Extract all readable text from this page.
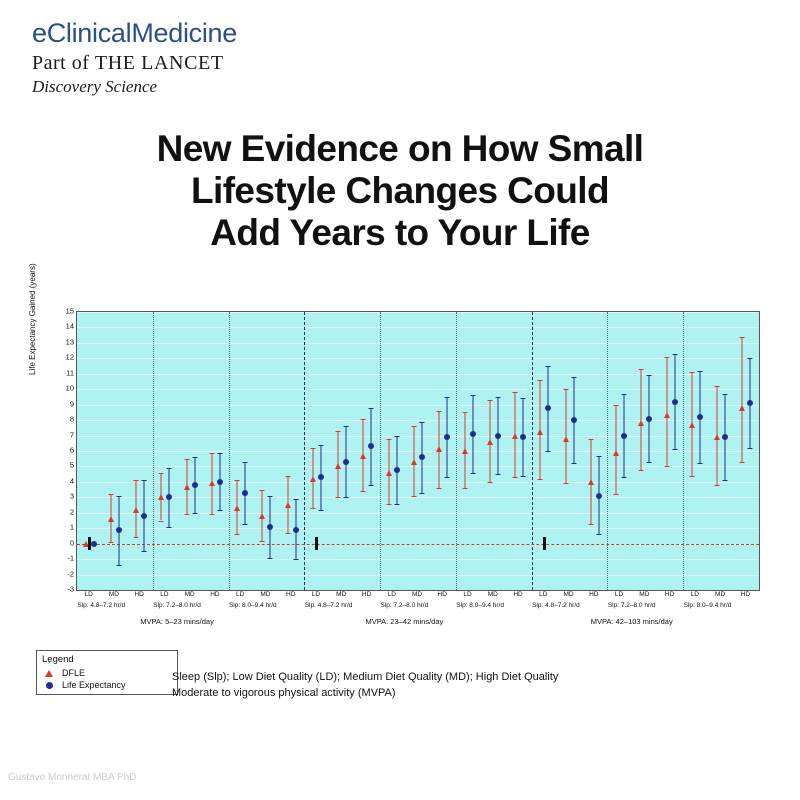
eClinicalMedicine
Part of THE LANCET
Discovery Science
New Evidence on How Small
Lifestyle Changes Could
Add Years to Your Life
Life Expectancy Gained (years)
-3
-2
-1
0
1
2
3
4
5
6
7
8
9
10
11
12
13
14
15
LD MD HD	LD MD HD	LD MD HD	LD MD HD	LD MD HD	LD MD HD	LD MD HD	LD MD HD	LD MD HD
Slp: 4.8–7.2 hr/d	Slp: 7.2–8.0 hr/d	Slp: 8.0–9.4 hr/d
MVPA: 5–23 mins/day
Slp: 4.8–7.2 hr/d	Slp: 7.2–8.0 hr/d	Slp: 8.0–9.4 hr/d
MVPA: 23–42 mins/day
Slp: 4.8–7.2 hr/d	Slp: 7.2–8.0 hr/d	Slp: 8.0–9.4 hr/d
MVPA: 42–103 mins/day
Legend
DFLE
Life Expectancy
Sleep (Slp); Low Diet Quality (LD); Medium Diet Quality (MD); High Diet Quality
Moderate to vigorous physical activity (MVPA)
Gustavo Monnerat MBA PhD
